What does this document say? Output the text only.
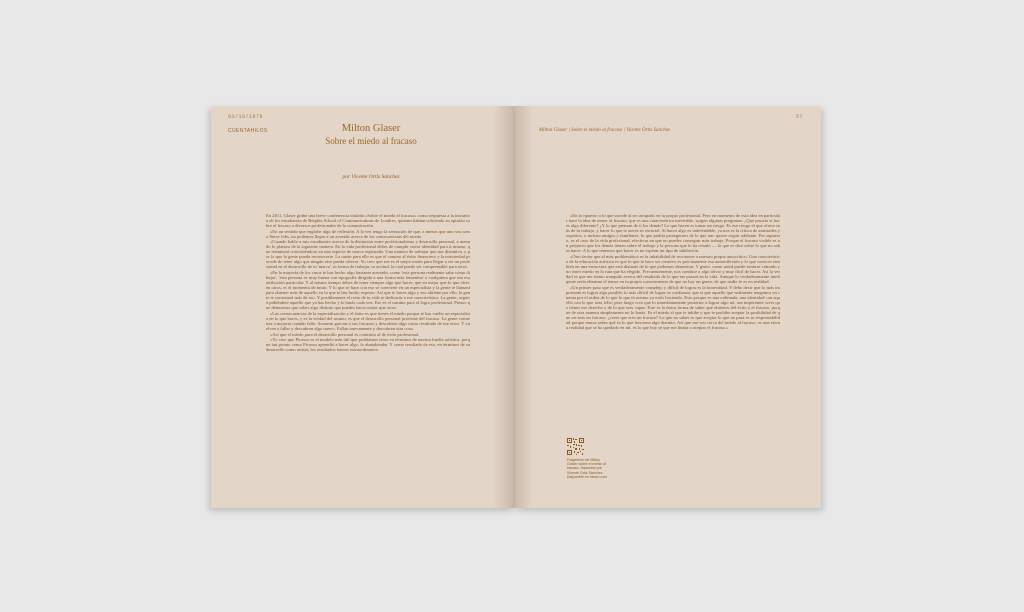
03/10/1979
CUENTAHILOS	Milton Glaser
Sobre el miedo al fracaso
por Vicente Ortiz Sánchez

En 2011, Glaser grabó una breve conferencia titulada «Sobre el miedo al fracaso» como respuesta a la iniciativa de los estudiantes de Beights School of Communications de Londres, quienes habían solicitado su opinión sobre el fracaso a diversos profesionales de la comunicación.

«En un sentido que englobe algo de reflexión. A la vez tengo la sensación de que, a menos que uno sea como Steve Jobs, no podemos llegar a un acuerdo acerca de las consecuencias del miedo.

«Cuando hablo a mis estudiantes acerca de la distinción entre profesionalismo y desarrollo personal, a menudo lo planteo de la siguiente manera. En la vida profesional debes de cumplir cierta identidad para ti mismo, que terminará convirtiéndose en una especie de marca registrada. Una manera de trabajar que sea distintiva, y por la que la gente pueda reconocerte. La razón para ello es que el camino al éxito financiero y la notoriedad procede de tener algo que ningún otro pueda ofrecer. Yo creo que ese es el mejor modo para llegar a ser un profesional en el desarrollo de tu 'marca', tu forma de trabajar, tu actitud, la cual puede ser comprensible para otros.

«En la mayoría de los casos te has hecho algo bastante acertado, como 'esta persona realmente sabe cómo dibujar', 'esta persona es muy buena con tipografía dirigida a una forma más femenina' o cualquiera que sea esa atribución particular. Y al mismo tiempo debes de tener siempre algo que hacer, que en mejor que lo que ofrecen otros, es el momento de intuir. Y lo que se hace con eso se convierte en un especialista y la gente te llamará para obtener más de aquello en lo que te has hecho experto. Así que te haces algo y eso obtiene por ello, la gente te contratará más de eso. Y posiblemente el resto de tu vida te dedicarás a ese característica. La gente, seguirá pidiéndote aquello que ya has hecho y lo harás cada vez. Ese es el camino para el logro profesional. Pienso que demuestra que sabes algo distinto que puedes hacer mejor que otros.

«Las consecuencias de la especialización y el éxito es que tienes el miedo porque te has vuelto un especialista en lo que haces, y es la verdad del asunto, es que el desarrollo personal proviene del fracaso. La gente comienza a mejorar cuando falla. Avanzan gracias a sus fracasos y descubren algo como resultado de ese error. Y vuelven a fallar y descubren algo nuevo. Fallan nuevamente y descubren otra cosa.

«Así que el miedo para el desarrollo personal es contrario al de éxito profesional.

«Yo creo que Picasso es el modelo más útil que podríamos tener en términos de nuestra huella artística, porque tan pronto como Picasso aprendió a hacer algo, lo abandonaba. Y como resultado de eso, en términos de su desarrollo como artista, los resultados fueron extraordinarios.

57
Milton Glaser | Sobre el miedo al fracaso | Vicente Ortiz Sánchez

«En lo opuesto a lo que sucede al ser atrapado en tu propio profesional. Pero en momento de esta idea en particular hace la idea de temor al fracaso, que es una característica inevitable, surgen algunas preguntas: ¿Qué pasaría si haces algo diferente? ¿Y lo que piensan de ti los demás? Lo que hacen es tomar un riesgo. Es ese riesgo el que ofrece más de tu trabajo, y hacer lo que te aterra es esencial. Si haces algo es indefendible, ya nos es la crítica de amistades y expertos, o incluso amigos y familiares, lo que podría protegernos de lo que uno quiere seguir adelante. Por supuesto, es el caso de la vida profesional, efectivas en que no puedes conseguir más trabajo. Porque el fracaso visible es un prejuicio que los demás tienen sobre el trabajo y la persona que lo ha creado — lo que se dice sobre lo que no sabes hacer. A lo que tenemos que hacer es no esperar un tipo de inhibición.

«Otro factor que al más problemático es la inhabilidad de reconocer a nuestro propio autocrítico. Una característica de la educación artística es que lo que te hace ser creativo es precisamente esa autoinflexión y lo que conoces también en una estructura que está distante de lo que podemos demostrar. Y gente, como usted puede sentirse cómodo y no tener miedo en la ruta que ha elegido. Frecuentemente, nos conduce a algo obvio y muy fácil de hacer. Así la verdad es que me siento tranquilo acerca del resultado de lo que me pasará en la vida. Aunque lo verdaderamente inteligente sería eliminar el temor en tu propio conocimiento de que no hay un genio, de que nadie lo es en realidad.

«Un primer paso que es verdaderamente complejo y difícil de lograr es la honestidad. Y debo decir que lo más importante es lograr algo posible; lo más difícil de lograr es confianza, que sí que aquello que realmente tengamos en cuenta por el orden de lo que lo que tú mismo ya estés haciendo. Esto porque es una ordenada, una identidad con aquello con lo que seas feliz; pero luego creo que lo inmediatamente posterior a lograr algo tal, sea importante creer que tienes ese derecho y de lo que eres capaz. Este es la única forma de saber qué obtienes del éxito y el fracaso, porque de otra manera simplemente no lo harás. Es el miedo el que te inhibe y que te prohíbe aceptar la posibilidad de que no seas un fracaso: ¿crees que eres un fracaso? Lo que no sabes es que aceptar lo que no pasa es tu responsabilidad porque nunca sabes qué es lo que funciona algo distinto. Así que me veo cerca del miedo al fracaso; es una eterna realidad que se ha quedado en mí, es lo que hoy sé que me limita a aceptar el fracaso.»

Fragmento de Milton Glaser sobre el miedo al fracaso, traducido por Vicente Ortiz Sánchez. Disponible en vimeo.com
